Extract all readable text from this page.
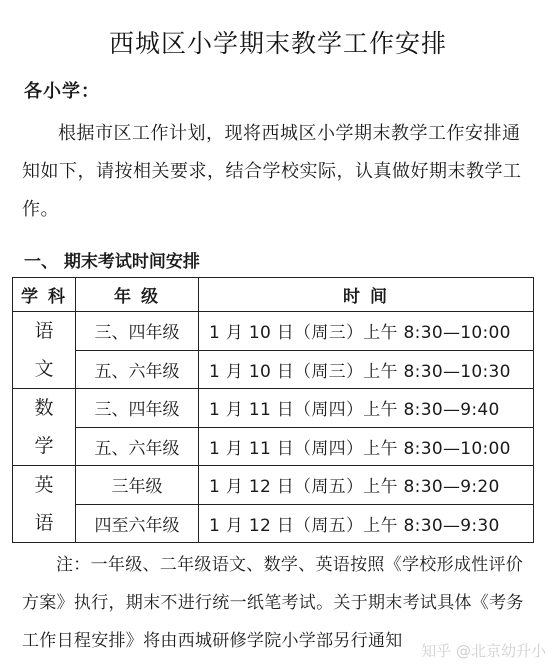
西城区小学期末教学工作安排
各小学：

根据市区工作计划，现将西城区小学期末教学工作安排通知如下，请按相关要求，结合学校实际，认真做好期末教学工作。

一、 期末考试时间安排
学 科	年 级	时 间

语
文	三、四年级	1 月 10 日（周三）上午 8:30—10:00
	五、六年级	1 月 10 日（周三）上午 8:30—10:30

数
学	三、四年级	1 月 11 日（周四）上午 8:30—9:40
	五、六年级	1 月 11 日（周四）上午 8:30—10:00

英
语	三年级	1 月 12 日（周五）上午 8:30—9:20
	四至六年级	1 月 12 日（周五）上午 8:30—9:30

注：一年级、二年级语文、数学、英语按照《学校形成性评价方案》执行，期末不进行统一纸笔考试。关于期末考试具体《考务工作日程安排》将由西城研修学院小学部另行通知	知乎 @北京幼升小
